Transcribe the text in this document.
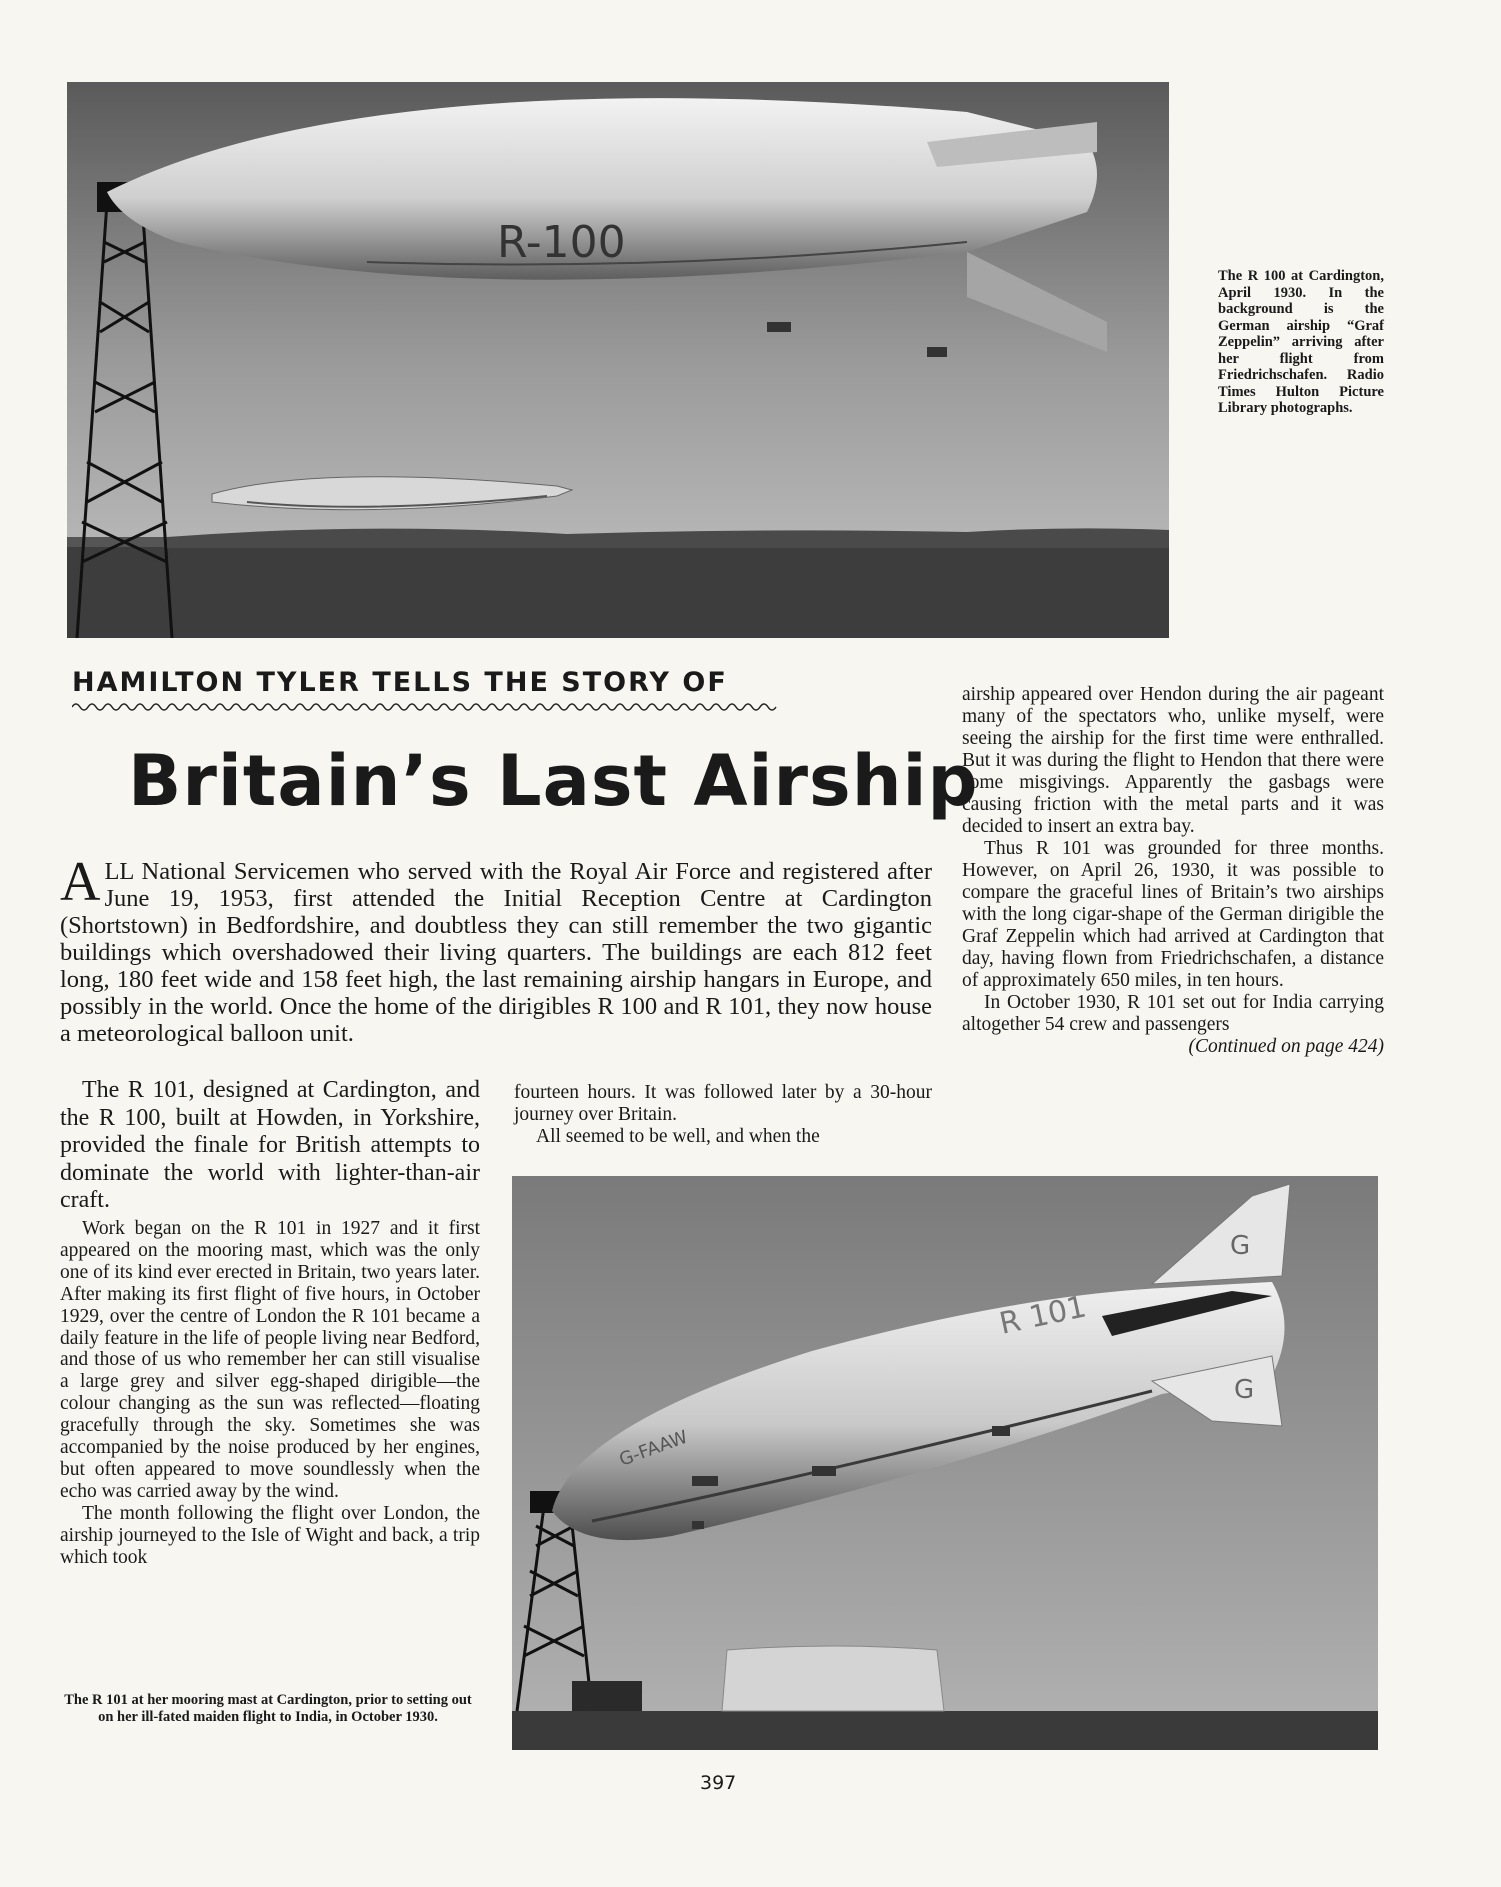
R-100
The R 100 at Cardington, April 1930. In the background is the German airship “Graf Zeppelin” arriving after her flight from Friedrichschafen. Radio Times Hulton Picture Library photographs.
HAMILTON TYLER TELLS THE STORY OF
Britain’s Last Airship
A LL National Servicemen who served with the Royal Air Force and registered after June 19, 1953, first attended the Initial Reception Centre at Cardington (Shortstown) in Bedfordshire, and doubtless they can still remember the two gigantic buildings which overshadowed their living quarters. The buildings are each 812 feet long, 180 feet wide and 158 feet high, the last remaining airship hangars in Europe, and possibly in the world. Once the home of the dirigibles R 100 and R 101, they now house a meteorological balloon unit.

The R 101, designed at Cardington, and the R 100, built at Howden, in Yorkshire, provided the finale for British attempts to dominate the world with lighter-than-air craft.

Work began on the R 101 in 1927 and it first appeared on the mooring mast, which was the only one of its kind ever erected in Britain, two years later. After making its first flight of five hours, in October 1929, over the centre of London the R 101 became a daily feature in the life of people living near Bedford, and those of us who remember her can still visualise a large grey and silver egg-shaped dirigible—the colour changing as the sun was reflected—floating gracefully through the sky. Sometimes she was accompanied by the noise produced by her engines, but often appeared to move soundlessly when the echo was carried away by the wind.

The month following the flight over London, the airship journeyed to the Isle of Wight and back, a trip which took

fourteen hours. It was followed later by a 30-hour journey over Britain.

All seemed to be well, and when the

airship appeared over Hendon during the air pageant many of the spectators who, unlike myself, were seeing the airship for the first time were enthralled. But it was during the flight to Hendon that there were some misgivings. Apparently the gasbags were causing friction with the metal parts and it was decided to insert an extra bay.

Thus R 101 was grounded for three months. However, on April 26, 1930, it was possible to compare the graceful lines of Britain’s two airships with the long cigar-shape of the German dirigible the Graf Zeppelin which had arrived at Cardington that day, having flown from Friedrichschafen, a distance of approximately 650 miles, in ten hours.

In October 1930, R 101 set out for India carrying altogether 54 crew and passengers

(Continued on page 424)

G
G
R 101
G-FAAW
The R 101 at her mooring mast at Cardington, prior to setting out on her ill-fated maiden flight to India, in October 1930.
397
